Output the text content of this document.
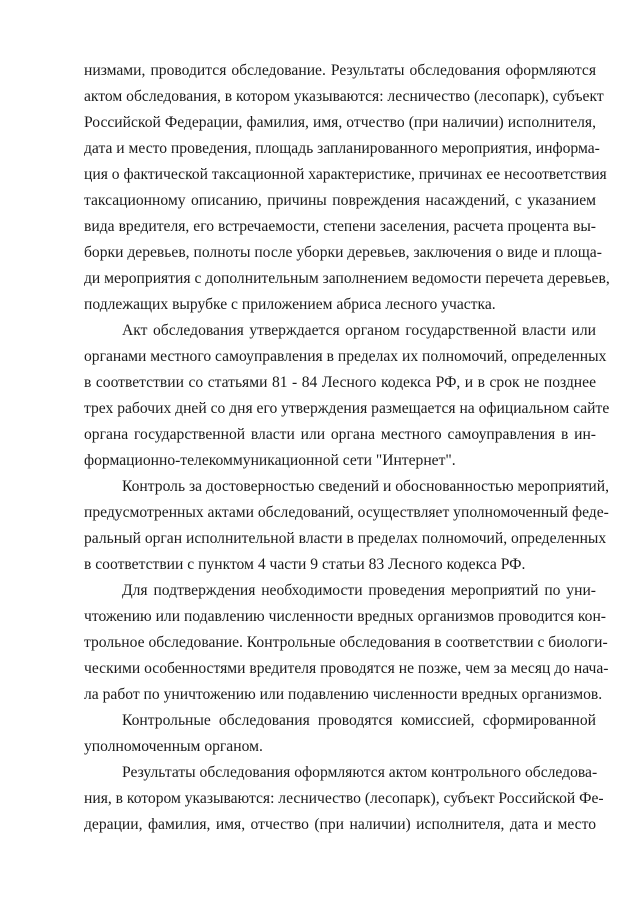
низмами, проводится обследование. Результаты обследования оформляются
актом обследования, в котором указываются: лесничество (лесопарк), субъект
Российской Федерации, фамилия, имя, отчество (при наличии) исполнителя,
дата и место проведения, площадь запланированного мероприятия, информа-
ция о фактической таксационной характеристике, причинах ее несоответствия
таксационному описанию, причины повреждения насаждений, с указанием
вида вредителя, его встречаемости, степени заселения, расчета процента вы-
борки деревьев, полноты после уборки деревьев, заключения о виде и площа-
ди мероприятия с дополнительным заполнением ведомости перечета деревьев,
подлежащих вырубке с приложением абриса лесного участка.

Акт обследования утверждается органом государственной власти или
органами местного самоуправления в пределах их полномочий, определенных
в соответствии со статьями 81 - 84 Лесного кодекса РФ, и в срок не позднее
трех рабочих дней со дня его утверждения размещается на официальном сайте
органа государственной власти или органа местного самоуправления в ин-
формационно-телекоммуникационной сети "Интернет".

Контроль за достоверностью сведений и обоснованностью мероприятий,
предусмотренных актами обследований, осуществляет уполномоченный феде-
ральный орган исполнительной власти в пределах полномочий, определенных
в соответствии с пунктом 4 части 9 статьи 83 Лесного кодекса РФ.

Для подтверждения необходимости проведения мероприятий по уни-
чтожению или подавлению численности вредных организмов проводится кон-
трольное обследование. Контрольные обследования в соответствии с биологи-
ческими особенностями вредителя проводятся не позже, чем за месяц до нача-
ла работ по уничтожению или подавлению численности вредных организмов.

Контрольные обследования проводятся комиссией, сформированной
уполномоченным органом.

Результаты обследования оформляются актом контрольного обследова-
ния, в котором указываются: лесничество (лесопарк), субъект Российской Фе-
дерации, фамилия, имя, отчество (при наличии) исполнителя, дата и место
